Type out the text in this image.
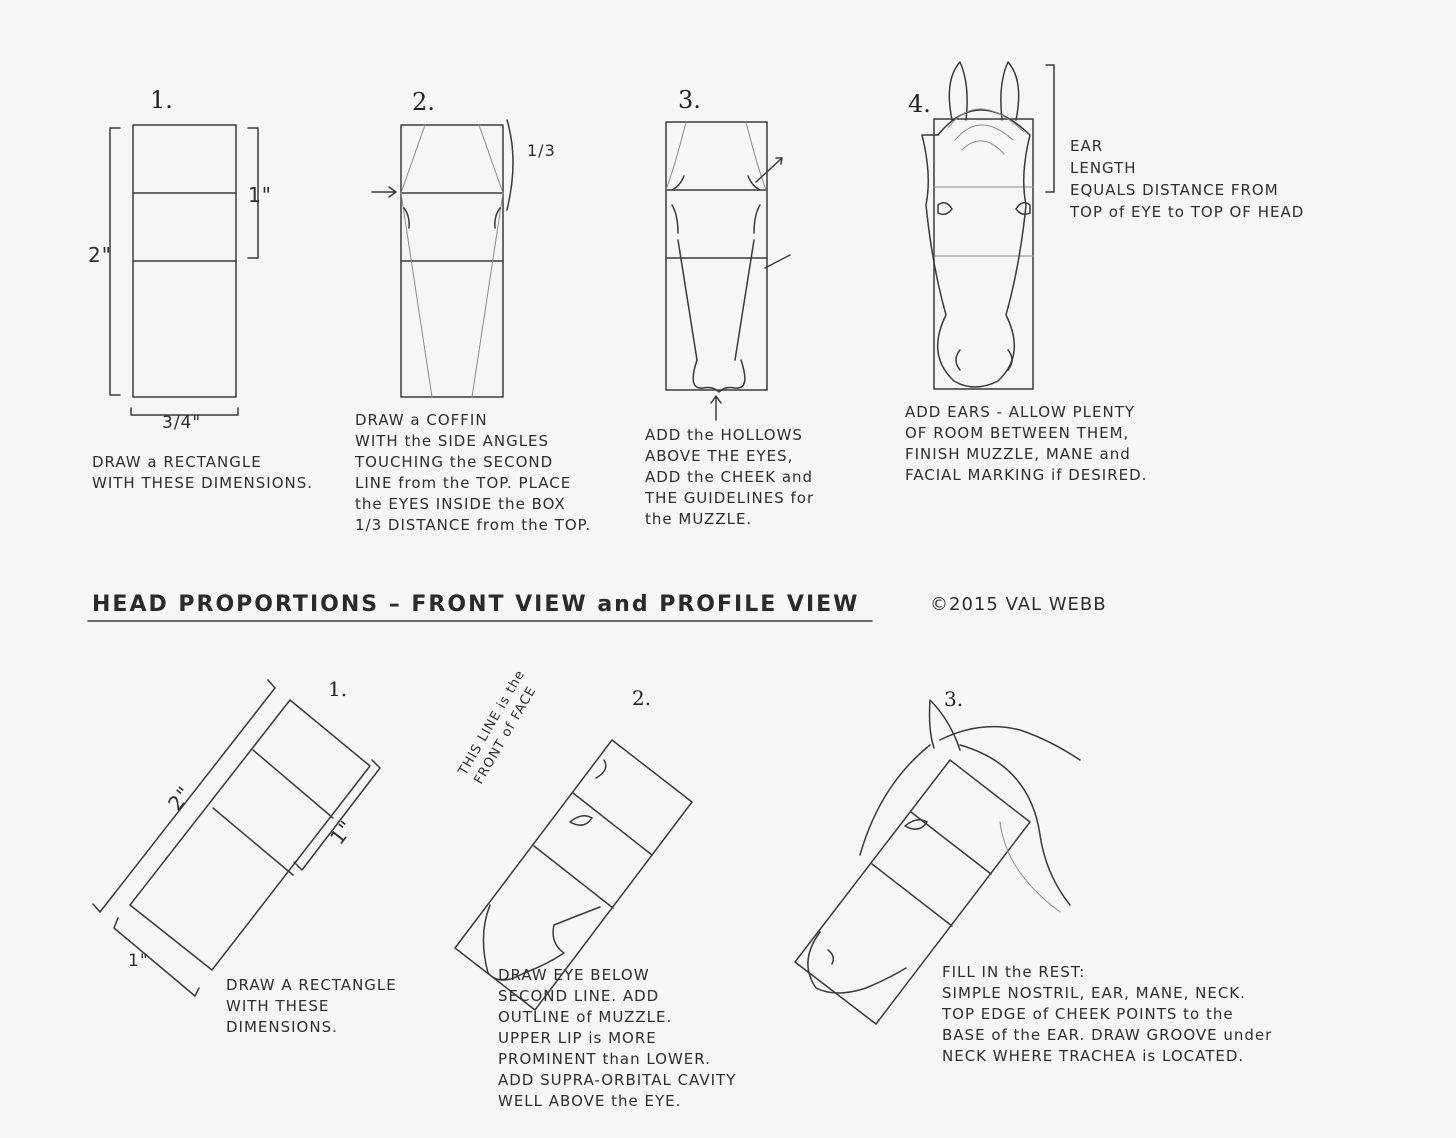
1.
2"
1"
3/4"
2.
1/3
3.	4.
1.
2"
1"
1"
2.	3.
DRAW a RECTANGLE
WITH THESE DIMENSIONS.
DRAW a COFFIN
WITH the SIDE ANGLES
TOUCHING the SECOND
LINE from the TOP. PLACE
the EYES INSIDE the BOX
1/3 DISTANCE from the TOP.
ADD the HOLLOWS
ABOVE THE EYES,
ADD the CHEEK and
THE GUIDELINES for
the MUZZLE.
ADD EARS - ALLOW PLENTY
OF ROOM BETWEEN THEM,
FINISH MUZZLE, MANE and
FACIAL MARKING if DESIRED.
EAR
LENGTH
EQUALS DISTANCE FROM
TOP of EYE to TOP OF HEAD
HEAD PROPORTIONS – FRONT VIEW and PROFILE VIEW	©2015 VAL WEBB
THIS LINE is the
FRONT of FACE
DRAW A RECTANGLE
WITH THESE DIMENSIONS.
DRAW EYE BELOW
SECOND LINE. ADD
OUTLINE of MUZZLE.
UPPER LIP is MORE
PROMINENT than LOWER.
ADD SUPRA-ORBITAL CAVITY
WELL ABOVE the EYE.
FILL IN the REST:
SIMPLE NOSTRIL, EAR, MANE, NECK.
TOP EDGE of CHEEK POINTS to the
BASE of the EAR. DRAW GROOVE under
NECK WHERE TRACHEA is LOCATED.
